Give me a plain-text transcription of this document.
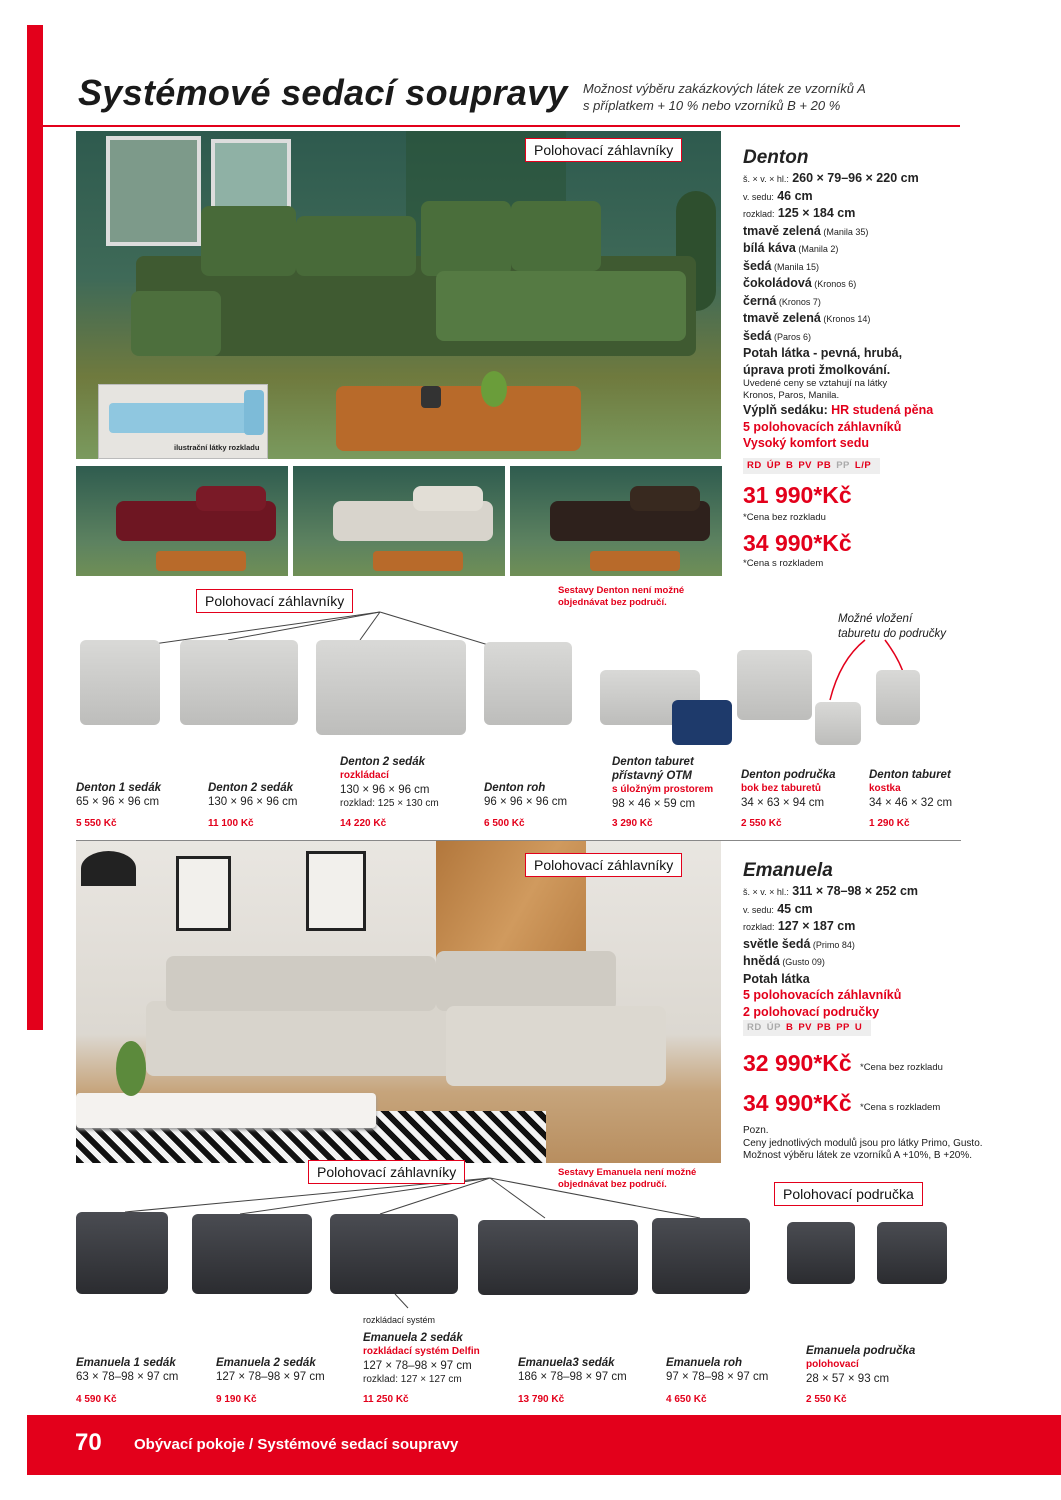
Systémové sedací soupravy Možnost výběru zakázkových látek ze vzorníků A
s příplatkem + 10 % nebo vzorníků B + 20 %
ilustrační látky rozkladu
Polohovací záhlavníky	Denton
š. × v. × hl.: 260 × 79–96 × 220 cm
v. sedu: 46 cm
rozklad: 125 × 184 cm
tmavě zelená (Manila 35)
bílá káva (Manila 2)
šedá (Manila 15)
čokoládová (Kronos 6)
černá (Kronos 7)
tmavě zelená (Kronos 14)
šedá (Paros 6)
Potah látka - pevná, hrubá,
úprava proti žmolkování.
Uvedené ceny se vztahují na látky
Kronos, Paros, Manila.
Výplň sedáku: HR studená pěna
5 polohovacích záhlavníků
Vysoký komfort sedu
RD ÚP B PV PB PP L/P
31 990*Kč
*Cena bez rozkladu
34 990*Kč
*Cena s rozkladem
Sestavy Denton není možné
objednávat bez područí.
Polohovací záhlavníky
Možné vložení
taburetu do područky
Denton 1 sedák
65 × 96 × 96 cm
5 550 Kč
Denton 2 sedák
130 × 96 × 96 cm
11 100 Kč
Denton 2 sedák
rozkládací
130 × 96 × 96 cm
rozklad: 125 × 130 cm
14 220 Kč
Denton roh
96 × 96 × 96 cm
6 500 Kč
Denton taburet
přístavný OTM
s úložným prostorem
98 × 46 × 59 cm
3 290 Kč
Denton područka
bok bez taburetů
34 × 63 × 94 cm
2 550 Kč
Denton taburet
kostka
34 × 46 × 32 cm
1 290 Kč
Polohovací záhlavníky	Emanuela
š. × v. × hl.: 311 × 78–98 × 252 cm
v. sedu: 45 cm
rozklad: 127 × 187 cm
světle šedá (Primo 84)
hnědá (Gusto 09)
Potah látka
5 polohovacích záhlavníků
2 polohovací područky
RD ÚP B PV PB PP U
32 990*Kč *Cena bez rozkladu
34 990*Kč *Cena s rozkladem
Pozn.
Ceny jednotlivých modulů jsou pro látky Primo, Gusto.
Možnost výběru látek ze vzorníků A +10%, B +20%.
Polohovací záhlavníky	Sestavy Emanuela není možné
objednávat bez područí.
Polohovací područka
rozkládací systém
Emanuela 1 sedák
63 × 78–98 × 97 cm
4 590 Kč
Emanuela 2 sedák
127 × 78–98 × 97 cm
9 190 Kč
Emanuela 2 sedák
rozkládací systém Delfin
127 × 78–98 × 97 cm
rozklad: 127 × 127 cm
11 250 Kč
Emanuela3 sedák
186 × 78–98 × 97 cm
13 790 Kč
Emanuela roh
97 × 78–98 × 97 cm
4 650 Kč
Emanuela područka
polohovací
28 × 57 × 93 cm
2 550 Kč
70 Obývací pokoje / Systémové sedací soupravy
